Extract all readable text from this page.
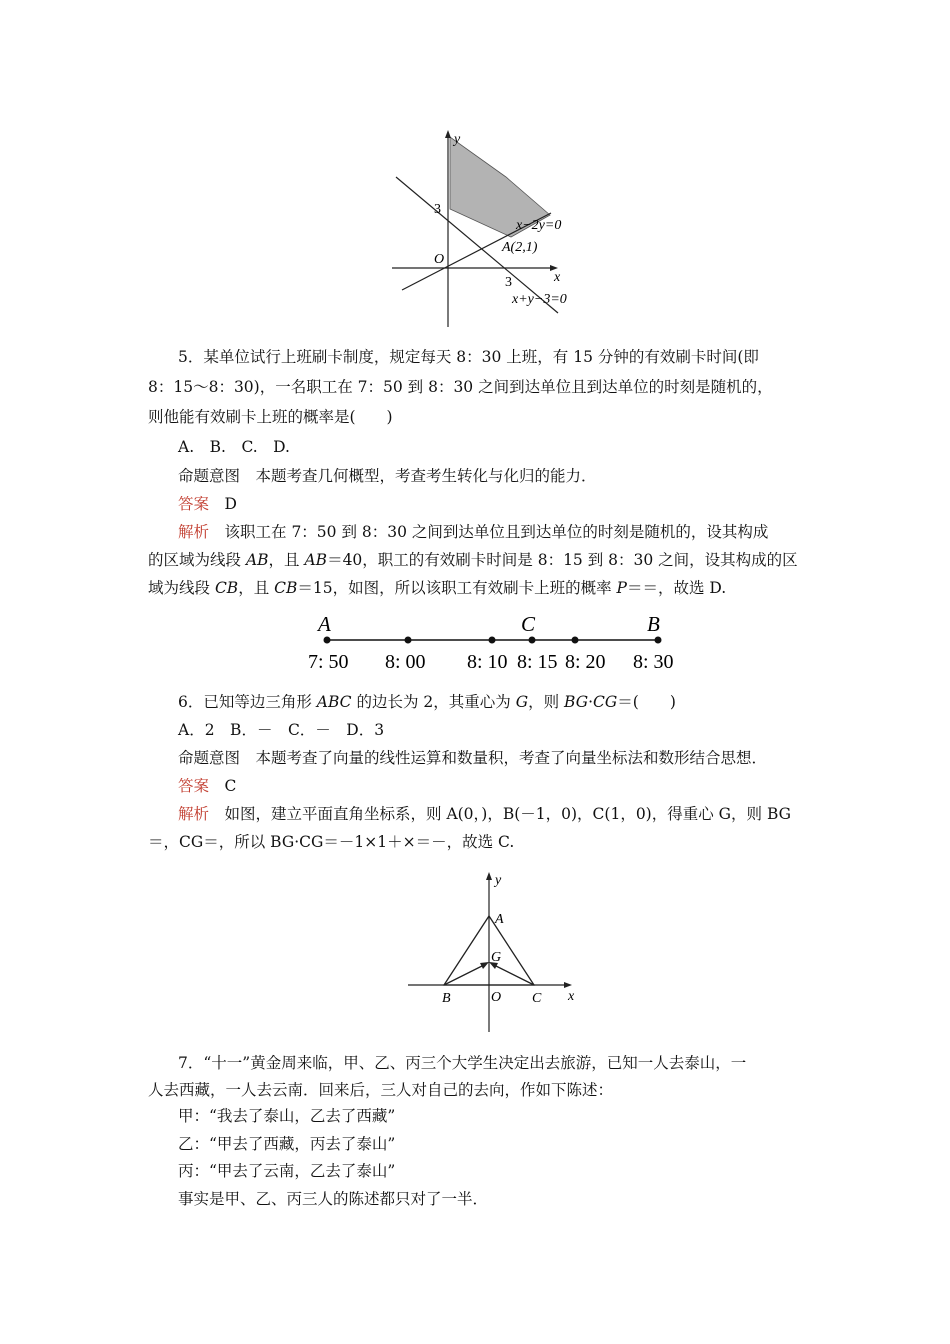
y
x
O
3
3
x−2y=0
A(2,1)
x+y−3=0
5．某单位试行上班刷卡制度，规定每天 8：30 上班，有 15 分钟的有效刷卡时间(即
8：15～8：30)，一名职工在 7：50 到 8：30 之间到达单位且到达单位的时刻是随机的，
则他能有效刷卡上班的概率是(　　)
A.　B.　C.　D.
命题意图　本题考查几何概型，考查考生转化与化归的能力．
答案　D
解析　该职工在 7：50 到 8：30 之间到达单位且到达单位的时刻是随机的，设其构成
的区域为线段 AB，且 AB＝40，职工的有效刷卡时间是 8：15 到 8：30 之间，设其构成的区
域为线段 CB，且 CB＝15，如图，所以该职工有效刷卡上班的概率 P＝＝，故选 D.
A	C	B
7: 50 8: 00 8: 10 8: 15 8: 20 8: 30
6．已知等边三角形 ABC 的边长为 2，其重心为 G，则 BG·CG＝(　　)
A．2　B．－　C．－　D．3
命题意图　本题考查了向量的线性运算和数量积，考查了向量坐标法和数形结合思想．
答案　C
解析　如图，建立平面直角坐标系，则 A(0，)，B(－1，0)，C(1，0)，得重心 G，则 BG
＝，CG＝，所以 BG·CG＝－1×1＋×＝－，故选 C.
y
x
A
G
B	O C
7．“十一”黄金周来临，甲、乙、丙三个大学生决定出去旅游，已知一人去泰山，一
人去西藏，一人去云南．回来后，三人对自己的去向，作如下陈述：
甲：“我去了泰山，乙去了西藏”
乙：“甲去了西藏，丙去了泰山”
丙：“甲去了云南，乙去了泰山”
事实是甲、乙、丙三人的陈述都只对了一半．
